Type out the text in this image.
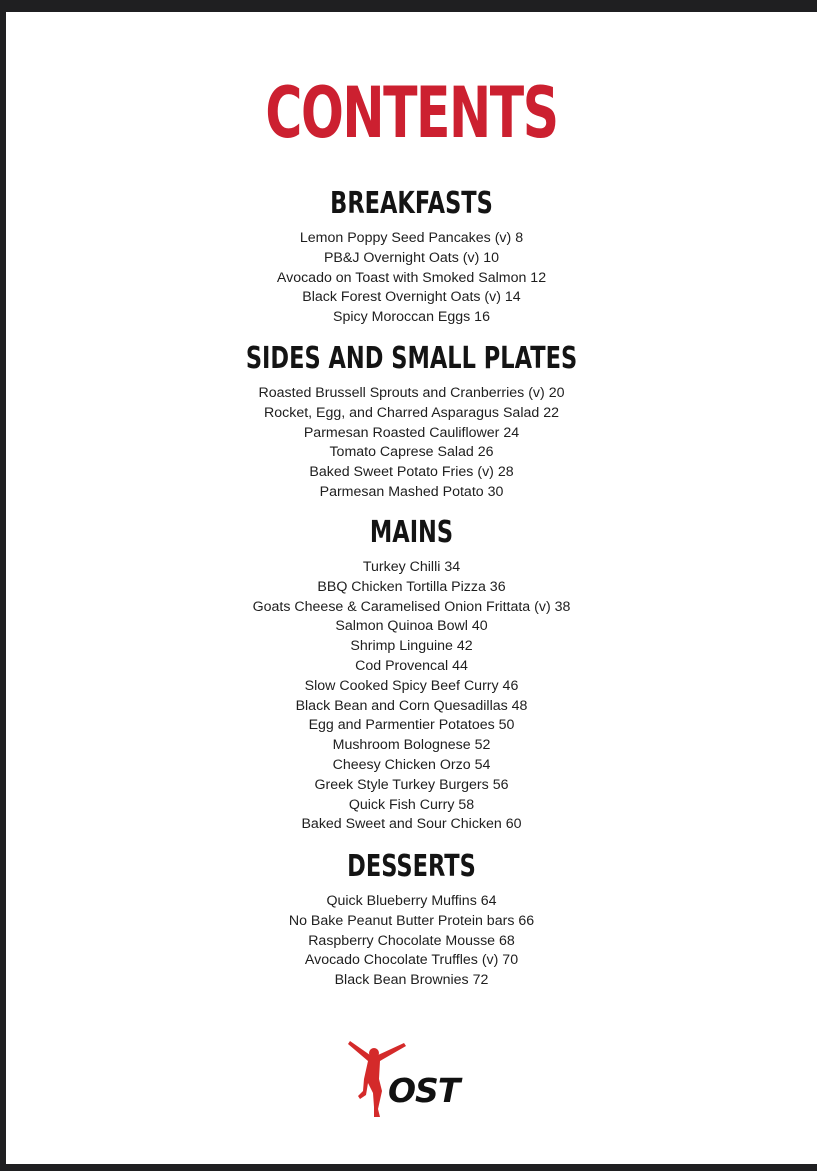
CONTENTS
BREAKFASTS
Lemon Poppy Seed Pancakes (v) 8
PB&J Overnight Oats (v) 10
Avocado on Toast with Smoked Salmon 12
Black Forest Overnight Oats (v) 14
Spicy Moroccan Eggs 16
SIDES AND SMALL PLATES
Roasted Brussell Sprouts and Cranberries (v) 20
Rocket, Egg, and Charred Asparagus Salad 22
Parmesan Roasted Cauliflower 24
Tomato Caprese Salad 26
Baked Sweet Potato Fries (v) 28
Parmesan Mashed Potato 30
MAINS
Turkey Chilli 34
BBQ Chicken Tortilla Pizza 36
Goats Cheese & Caramelised Onion Frittata (v) 38
Salmon Quinoa Bowl 40
Shrimp Linguine 42
Cod Provencal 44
Slow Cooked Spicy Beef Curry 46
Black Bean and Corn Quesadillas 48
Egg and Parmentier Potatoes 50
Mushroom Bolognese 52
Cheesy Chicken Orzo 54
Greek Style Turkey Burgers 56
Quick Fish Curry 58
Baked Sweet and Sour Chicken 60
DESSERTS
Quick Blueberry Muffins 64
No Bake Peanut Butter Protein bars 66
Raspberry Chocolate Mousse 68
Avocado Chocolate Truffles (v) 70
Black Bean Brownies 72
OST
